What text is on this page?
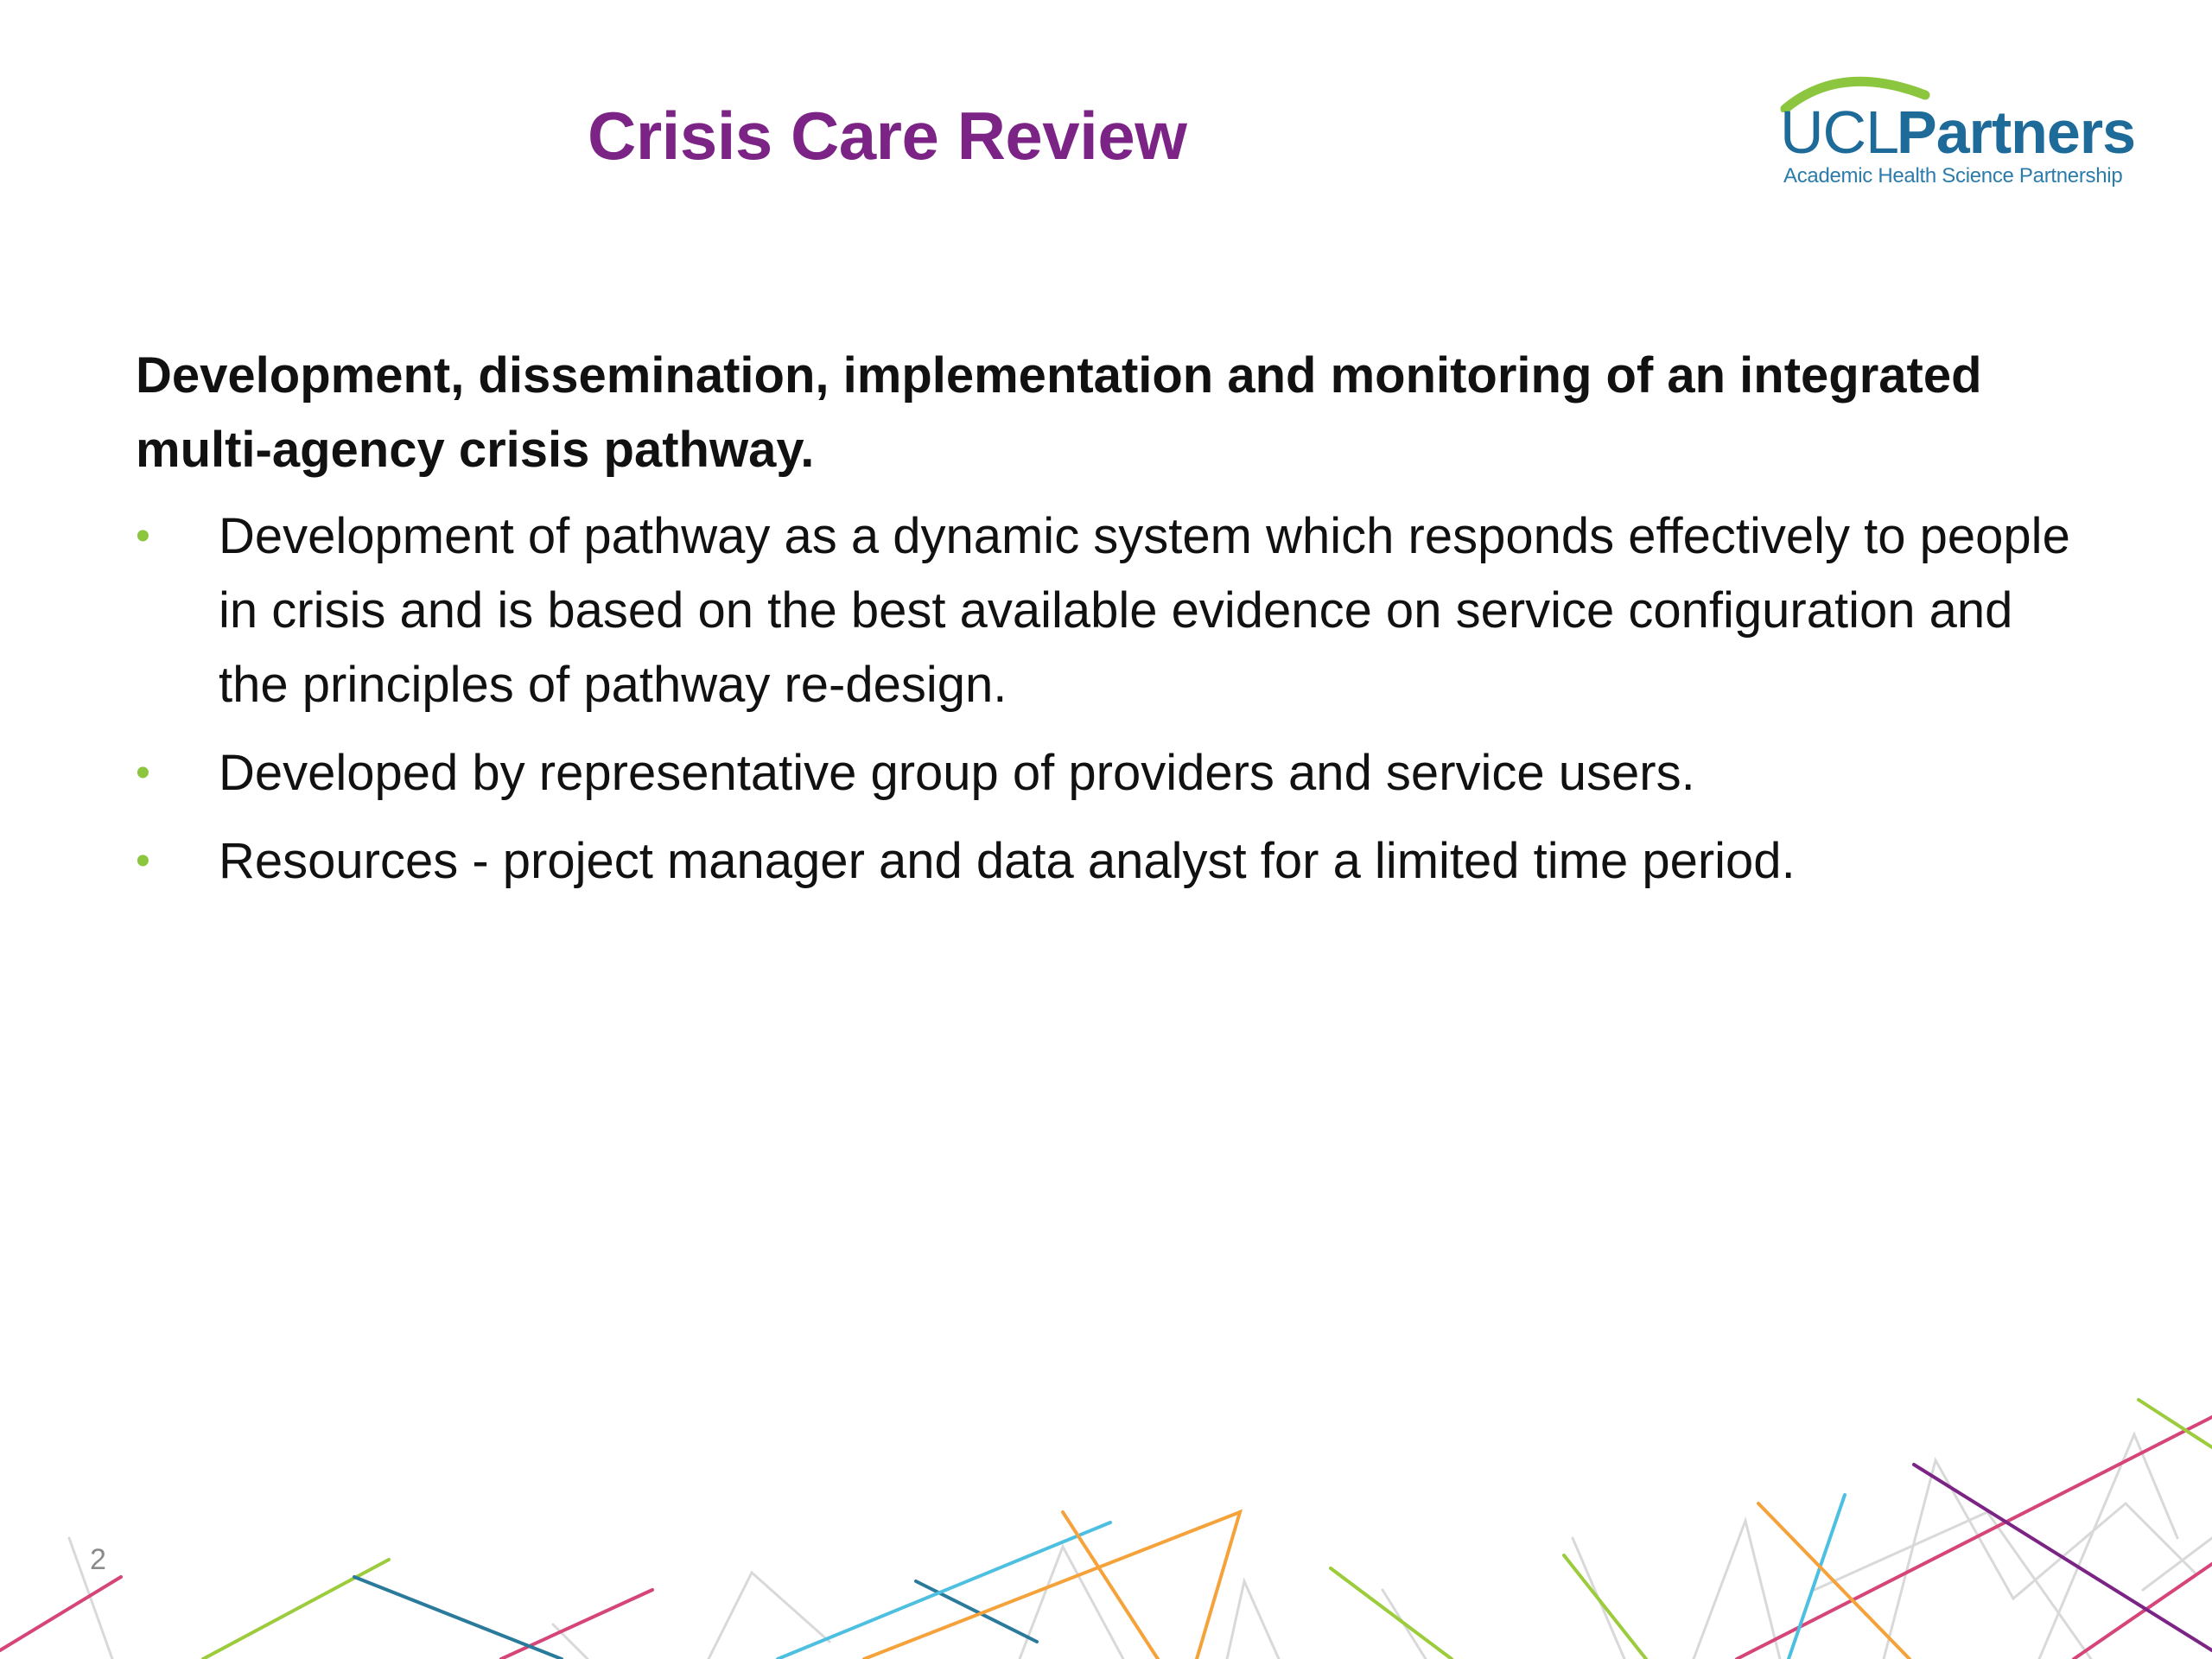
Crisis Care Review	UCL
Partners
Academic Health Science Partnership

Development, dissemination, implementation and monitoring of an integrated multi-agency crisis pathway.

•	Development of pathway as a dynamic system which responds effectively to people in crisis and is based on the best available evidence on service configuration and the principles of pathway re-design.
•	Developed by representative group of providers and service users.
•	Resources - project manager and data analyst for a limited time period.
2
